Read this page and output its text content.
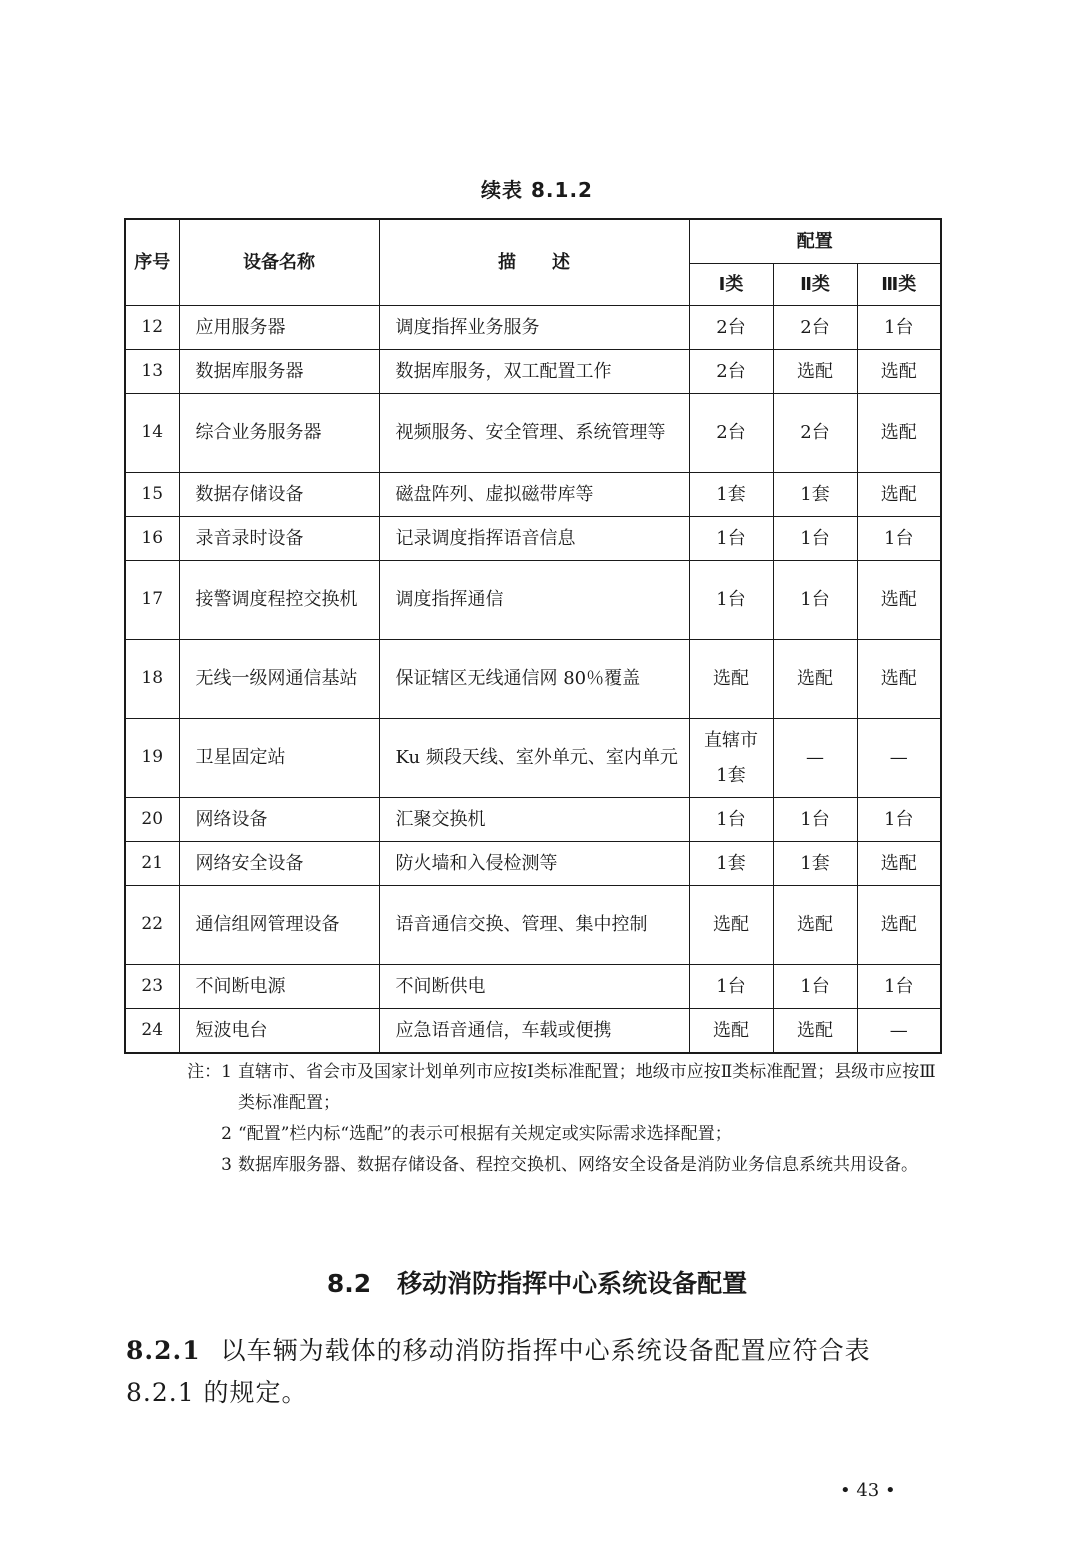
续表 8.1.2
序号	设备名称	描　　述	配置		
			Ⅰ类	Ⅱ类	Ⅲ类
12	应用服务器	调度指挥业务服务	2台	2台	1台
13	数据库服务器	数据库服务，双工配置工作	2台	选配	选配
14	综合业务服务器	视频服务、安全管理、系统管理等	2台	2台	选配
15	数据存储设备	磁盘阵列、虚拟磁带库等	1套	1套	选配
16	录音录时设备	记录调度指挥语音信息	1台	1台	1台
17	接警调度程控交换机	调度指挥通信	1台	1台	选配
18	无线一级网通信基站	保证辖区无线通信网 80％覆盖	选配	选配	选配
19	卫星固定站	Ku 频段天线、室外单元、室内单元	直辖市 1套	—	—
20	网络设备	汇聚交换机	1台	1台	1台
21	网络安全设备	防火墙和入侵检测等	1套	1套	选配
22	通信组网管理设备	语音通信交换、管理、集中控制	选配	选配	选配
23	不间断电源	不间断供电	1台	1台	1台
24	短波电台	应急语音通信，车载或便携	选配	选配	—
注：1 直辖市、省会市及国家计划单列市应按Ⅰ类标准配置；地级市应按Ⅱ类标准配置；县级市应按Ⅲ类标准配置；
2 “配置”栏内标“选配”的表示可根据有关规定或实际需求选择配置；
3 数据库服务器、数据存储设备、程控交换机、网络安全设备是消防业务信息系统共用设备。
8.2 移动消防指挥中心系统设备配置
8.2.1 以车辆为载体的移动消防指挥中心系统设备配置应符合表 8.2.1 的规定。
• 43 •
